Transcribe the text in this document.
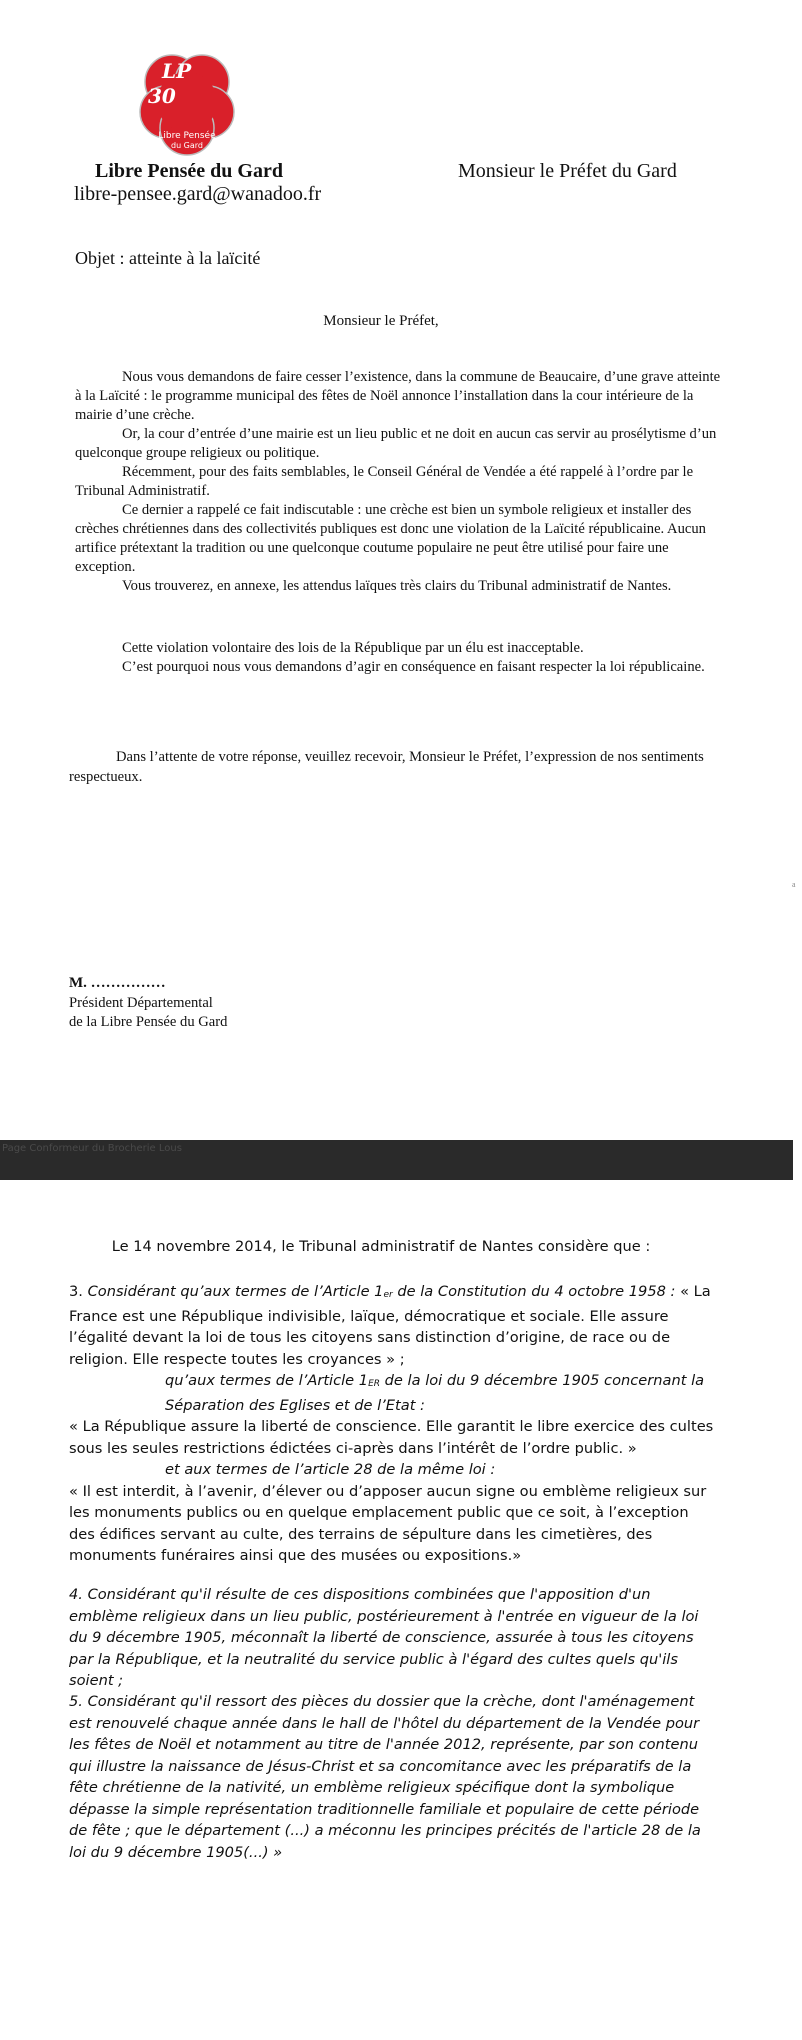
LP
30
Libre Pensée
du Gard
Libre Pensée du Gard
libre-pensee.gard@wanadoo.fr
Monsieur le Préfet du Gard
Objet : atteinte à la laïcité
Monsieur le Préfet,

Nous vous demandons de faire cesser l’existence, dans la commune de Beaucaire, d’une grave atteinte à la Laïcité : le programme municipal des fêtes de Noël annonce l’installation dans la cour intérieure de la mairie d’une crèche.

Or, la cour d’entrée d’une mairie est un lieu public et ne doit en aucun cas servir au prosélytisme d’un quelconque groupe religieux ou politique.

Récemment, pour des faits semblables, le Conseil Général de Vendée a été rappelé à l’ordre par le Tribunal Administratif.

Ce dernier a rappelé ce fait indiscutable : une crèche est bien un symbole religieux et installer des crèches chrétiennes dans des collectivités publiques est donc une violation de la Laïcité républicaine. Aucun artifice prétextant la tradition ou une quelconque coutume populaire ne peut être utilisé pour faire une exception.

Vous trouverez, en annexe, les attendus laïques très clairs du Tribunal administratif de Nantes.

Cette violation volontaire des lois de la République par un élu est inacceptable.

C’est pourquoi nous vous demandons d’agir en conséquence en faisant respecter la loi républicaine.

Dans l’attente de votre réponse, veuillez recevoir, Monsieur le Préfet, l’expression de nos sentiments respectueux.

M. ……………
Président Départemental
de la Libre Pensée du Gard
a
Page Conformeur du Brocherie Lous
Le 14 novembre 2014, le Tribunal administratif de Nantes considère que :

3. Considérant qu’aux termes de l’Article 1er de la Constitution du 4 octobre 1958 : « La France est une République indivisible, laïque, démocratique et sociale. Elle assure l’égalité devant la loi de tous les citoyens sans distinction d’origine, de race ou de religion. Elle respecte toutes les croyances » ;

qu’aux termes de l’Article 1ER de la loi du 9 décembre 1905 concernant la Séparation des Eglises et de l’Etat :

« La République assure la liberté de conscience. Elle garantit le libre exercice des cultes sous les seules restrictions édictées ci-après dans l’intérêt de l’ordre public. »

et aux termes de l’article 28 de la même loi :

« Il est interdit, à l’avenir, d’élever ou d’apposer aucun signe ou emblème religieux sur les monuments publics ou en quelque emplacement public que ce soit, à l’exception des édifices servant au culte, des terrains de sépulture dans les cimetières, des monuments funéraires ainsi que des musées ou expositions.»

4. Considérant qu'il résulte de ces dispositions combinées que l'apposition d'un emblème religieux dans un lieu public, postérieurement à l'entrée en vigueur de la loi du 9 décembre 1905, méconnaît la liberté de conscience, assurée à tous les citoyens par la République, et la neutralité du service public à l'égard des cultes quels qu'ils soient ;

5. Considérant qu'il ressort des pièces du dossier que la crèche, dont l'aménagement est renouvelé chaque année dans le hall de l'hôtel du département de la Vendée pour les fêtes de Noël et notamment au titre de l'année 2012, représente, par son contenu qui illustre la naissance de Jésus-Christ et sa concomitance avec les préparatifs de la fête chrétienne de la nativité, un emblème religieux spécifique dont la symbolique dépasse la simple représentation traditionnelle familiale et populaire de cette période de fête ; que le département (...) a méconnu les principes précités de l'article 28 de la loi du 9 décembre 1905(...) »
